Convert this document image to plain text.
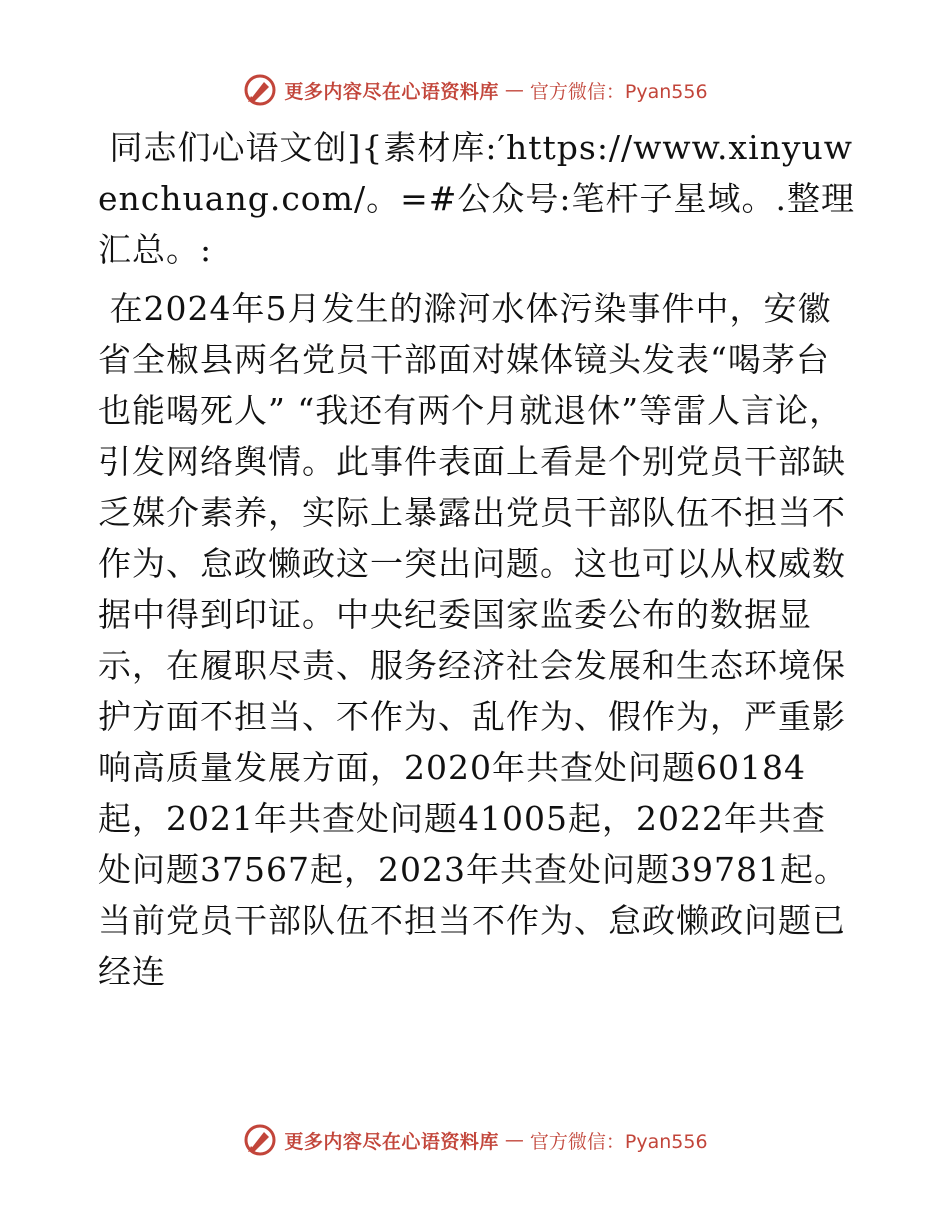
更多内容尽在心语资料库 — 官方微信：Pyan556

同志们心语文创]{素材库:′https://www.xinyuwenchuang.com/。=#公众号:笔杆子星域。.整理汇总。:

在2024年5月发生的滁河水体污染事件中，安徽省全椒县两名党员干部面对媒体镜头发表“喝茅台也能喝死人” “我还有两个月就退休”等雷人言论，引发网络舆情。此事件表面上看是个别党员干部缺乏媒介素养，实际上暴露出党员干部队伍不担当不作为、怠政懒政这一突出问题。这也可以从权威数据中得到印证。中央纪委国家监委公布的数据显示，在履职尽责、服务经济社会发展和生态环境保护方面不担当、不作为、乱作为、假作为，严重影响高质量发展方面，2020年共查处问题60184起，2021年共查处问题41005起，2022年共查处问题37567起，2023年共查处问题39781起。当前党员干部队伍不担当不作为、怠政懒政问题已经连

更多内容尽在心语资料库 — 官方微信：Pyan556
